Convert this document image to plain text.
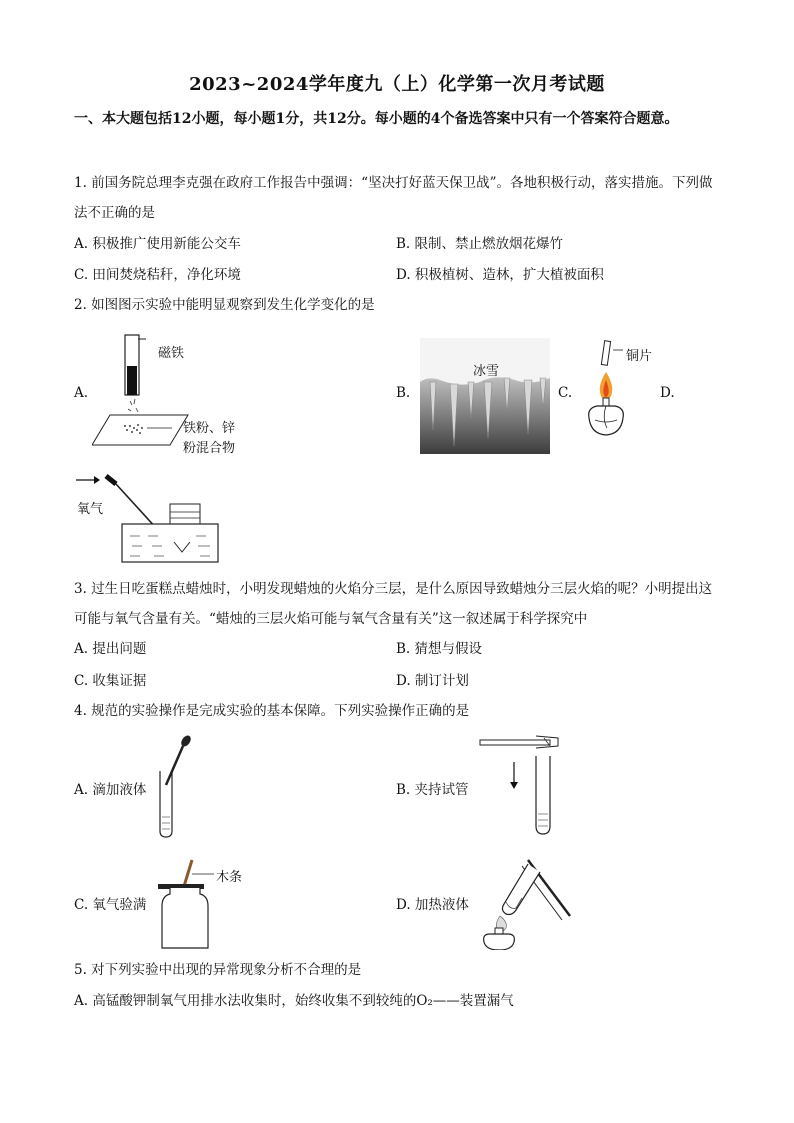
2023~2024学年度九（上）化学第一次月考试题
一、本大题包括12小题，每小题1分，共12分。每小题的4个备选答案中只有一个答案符合题意。
1. 前国务院总理李克强在政府工作报告中强调：“坚决打好蓝天保卫战”。各地积极行动，落实措施。下列做法不正确的是
A. 积极推广使用新能公交车	B. 限制、禁止燃放烟花爆竹
C. 田间焚烧秸秆，净化环境	D. 积极植树、造林，扩大植被面积
2. 如图图示实验中能明显观察到发生化学变化的是
A.
磁铁
铁粉、锌
粉混合物
B.
冰雪
C.
铜片
D.
氧气
3. 过生日吃蛋糕点蜡烛时，小明发现蜡烛的火焰分三层，是什么原因导致蜡烛分三层火焰的呢？小明提出这可能与氧气含量有关。“蜡烛的三层火焰可能与氧气含量有关”这一叙述属于科学探究中
A. 提出问题	B. 猜想与假设
C. 收集证据	D. 制订计划
4. 规范的实验操作是完成实验的基本保障。下列实验操作正确的是
A. 滴加液体	B. 夹持试管
C. 氧气验满
木条
D. 加热液体
5. 对下列实验中出现的异常现象分析不合理的是
A. 高锰酸钾制氧气用排水法收集时，始终收集不到较纯的O₂——装置漏气
